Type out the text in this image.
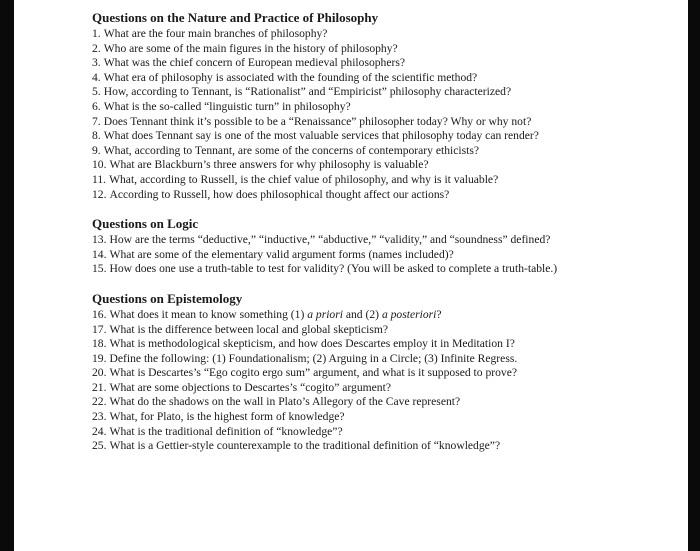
Questions on the Nature and Practice of Philosophy
1. What are the four main branches of philosophy?
2. Who are some of the main figures in the history of philosophy?
3. What was the chief concern of European medieval philosophers?
4. What era of philosophy is associated with the founding of the scientific method?
5. How, according to Tennant, is “Rationalist” and “Empiricist” philosophy characterized?
6. What is the so-called “linguistic turn” in philosophy?
7. Does Tennant think it’s possible to be a “Renaissance” philosopher today? Why or why not?
8. What does Tennant say is one of the most valuable services that philosophy today can render?
9. What, according to Tennant, are some of the concerns of contemporary ethicists?
10. What are Blackburn’s three answers for why philosophy is valuable?
11. What, according to Russell, is the chief value of philosophy, and why is it valuable?
12. According to Russell, how does philosophical thought affect our actions?
Questions on Logic
13. How are the terms “deductive,” “inductive,” “abductive,” “validity,” and “soundness” defined?
14. What are some of the elementary valid argument forms (names included)?
15. How does one use a truth-table to test for validity? (You will be asked to complete a truth-table.)
Questions on Epistemology
16. What does it mean to know something (1) a priori and (2) a posteriori?
17. What is the difference between local and global skepticism?
18. What is methodological skepticism, and how does Descartes employ it in Meditation I?
19. Define the following: (1) Foundationalism; (2) Arguing in a Circle; (3) Infinite Regress.
20. What is Descartes’s “Ego cogito ergo sum” argument, and what is it supposed to prove?
21. What are some objections to Descartes’s “cogito” argument?
22. What do the shadows on the wall in Plato’s Allegory of the Cave represent?
23. What, for Plato, is the highest form of knowledge?
24. What is the traditional definition of “knowledge”?
25. What is a Gettier-style counterexample to the traditional definition of “knowledge”?
